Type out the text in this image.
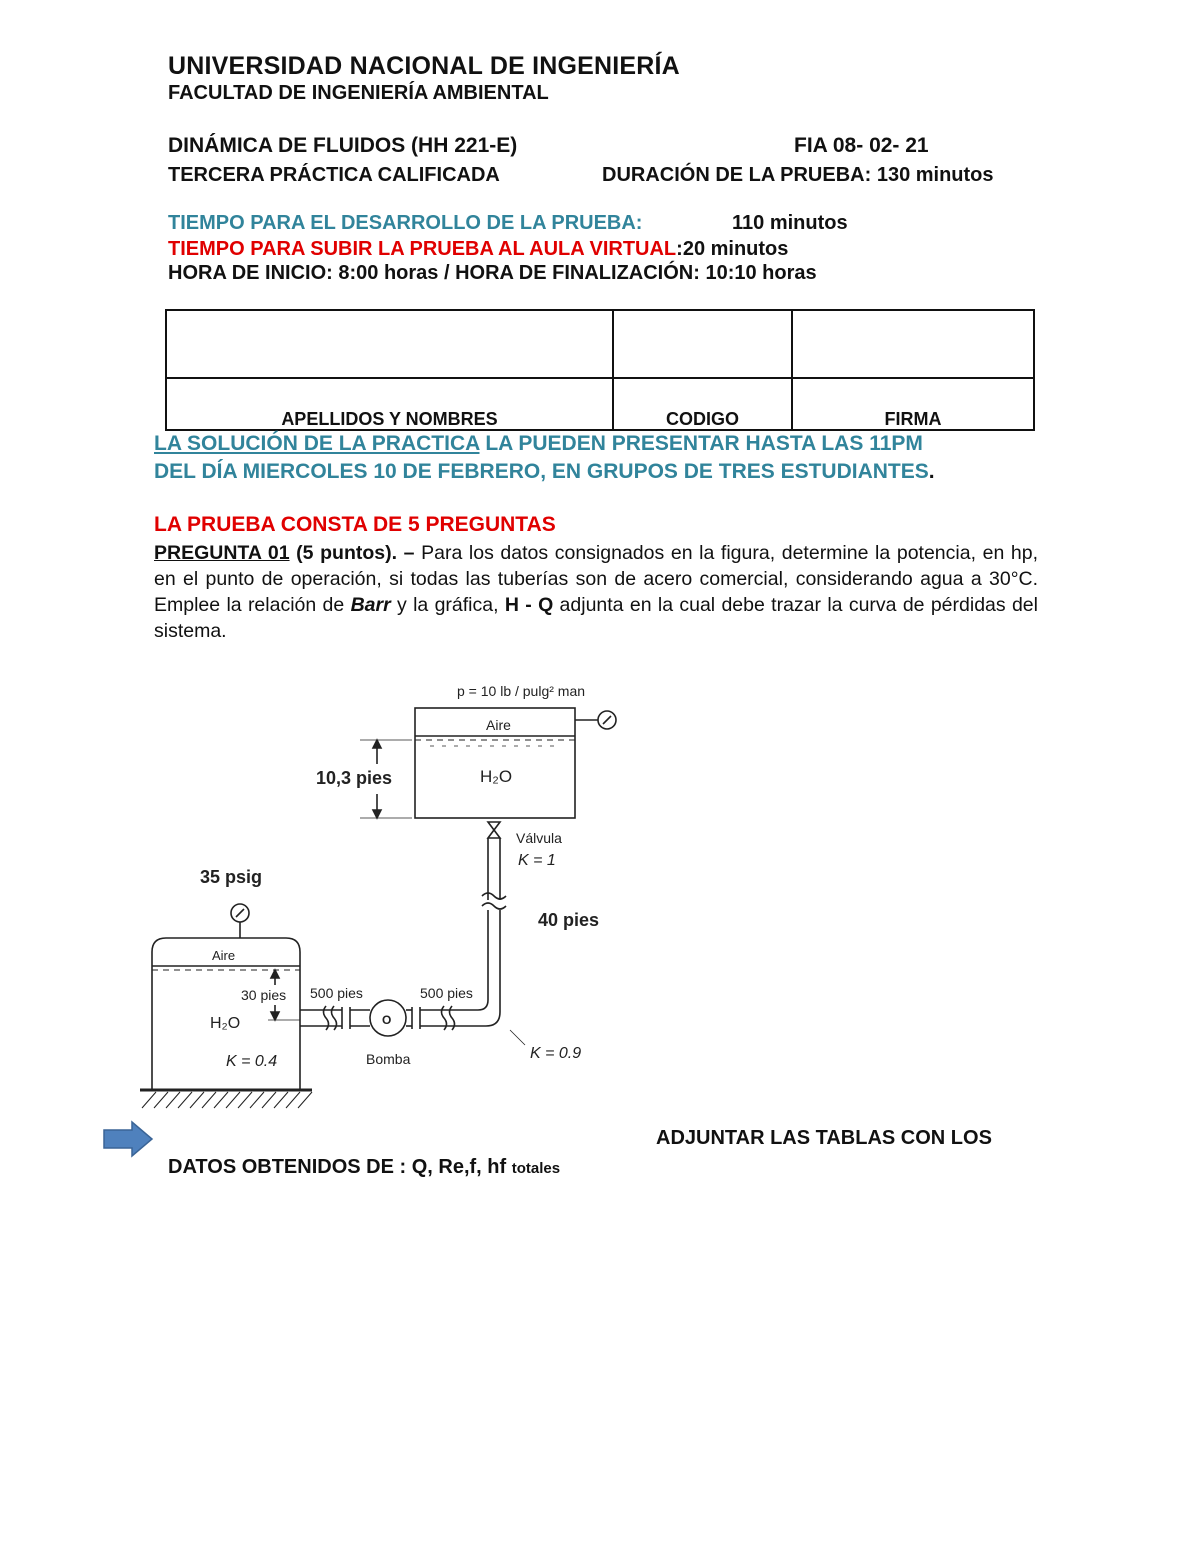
UNIVERSIDAD NACIONAL DE INGENIERÍA
FACULTAD DE INGENIERÍA AMBIENTAL
DINÁMICA DE FLUIDOS (HH 221-E)	FIA 08- 02- 21
TERCERA PRÁCTICA CALIFICADA	DURACIÓN DE LA PRUEBA: 130 minutos
TIEMPO PARA EL DESARROLLO DE LA PRUEBA:	110 minutos
TIEMPO PARA SUBIR LA PRUEBA AL AULA VIRTUAL:20 minutos
HORA DE INICIO: 8:00 horas / HORA DE FINALIZACIÓN: 10:10 horas

APELLIDOS Y NOMBRES	CODIGO	FIRMA
LA SOLUCIÓN DE LA PRACTICA LA PUEDEN PRESENTAR HASTA LAS 11PM
DEL DÍA MIERCOLES 10 DE FEBRERO, EN GRUPOS DE TRES ESTUDIANTES.
LA PRUEBA CONSTA DE 5 PREGUNTAS
PREGUNTA 01 (5 puntos). – Para los datos consignados en la figura, determine la potencia, en hp, en el punto de operación, si todas las tuberías son de acero comercial, considerando agua a 30°C. Emplee la relación de Barr y la gráfica, H - Q adjunta en la cual debe trazar la curva de pérdidas del sistema.
p = 10 lb / pulg² man
Aire
H₂O
10,3 pies
Válvula
K = 1
40 pies
35 psig
Aire
30 pies
H₂O
K = 0.4
500 pies	500 pies
O
Bomba	K = 0.9
ADJUNTAR LAS TABLAS CON LOS
DATOS OBTENIDOS DE : Q, Re,f, hf totales
